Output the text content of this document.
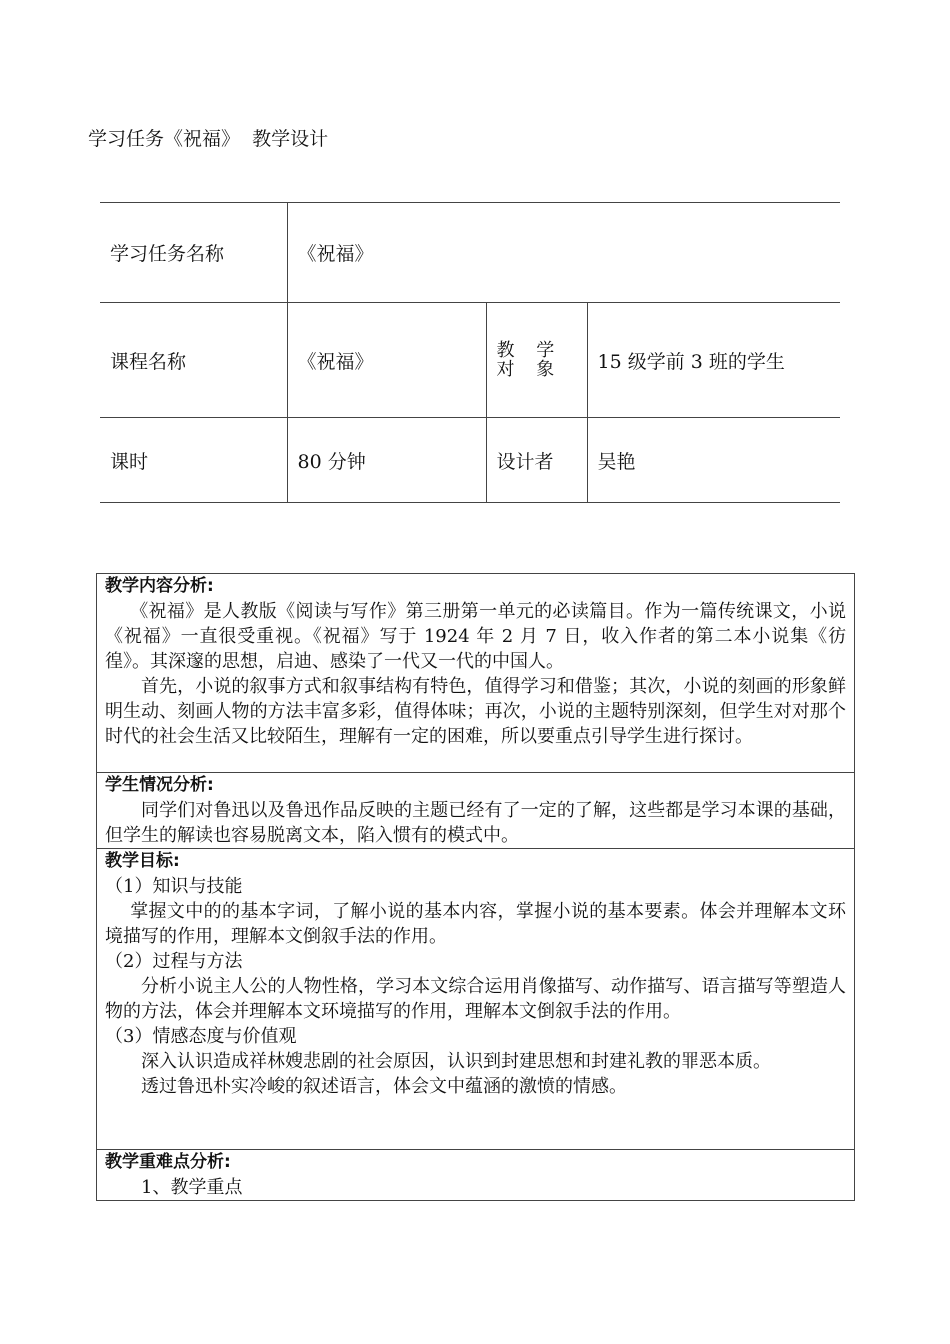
学习任务《祝福》  教学设计
学习任务名称	《祝福》		
课程名称	《祝福》	教 学 对 象	15 级学前 3 班的学生
课时	80 分钟	设计者	吴艳

教学内容分析:

《祝福》是人教版《阅读与写作》第三册第一单元的必读篇目。作为一篇传统课文，小说《祝福》一直很受重视。《祝福》写于 1924 年 2 月 7 日，收入作者的第二本小说集《彷徨》。其深邃的思想，启迪、感染了一代又一代的中国人。

首先，小说的叙事方式和叙事结构有特色，值得学习和借鉴；其次，小说的刻画的形象鲜明生动、刻画人物的方法丰富多彩，值得体味；再次，小说的主题特别深刻，但学生对对那个时代的社会生活又比较陌生，理解有一定的困难，所以要重点引导学生进行探讨。

学生情况分析:

同学们对鲁迅以及鲁迅作品反映的主题已经有了一定的了解，这些都是学习本课的基础，但学生的解读也容易脱离文本，陷入惯有的模式中。

教学目标:

（1）知识与技能

掌握文中的的基本字词，了解小说的基本内容，掌握小说的基本要素。体会并理解本文环境描写的作用，理解本文倒叙手法的作用。

（2）过程与方法

分析小说主人公的人物性格，学习本文综合运用肖像描写、动作描写、语言描写等塑造人物的方法，体会并理解本文环境描写的作用，理解本文倒叙手法的作用。

（3）情感态度与价值观

深入认识造成祥林嫂悲剧的社会原因，认识到封建思想和封建礼教的罪恶本质。

透过鲁迅朴实冷峻的叙述语言，体会文中蕴涵的激愤的情感。

教学重难点分析:

1、教学重点
